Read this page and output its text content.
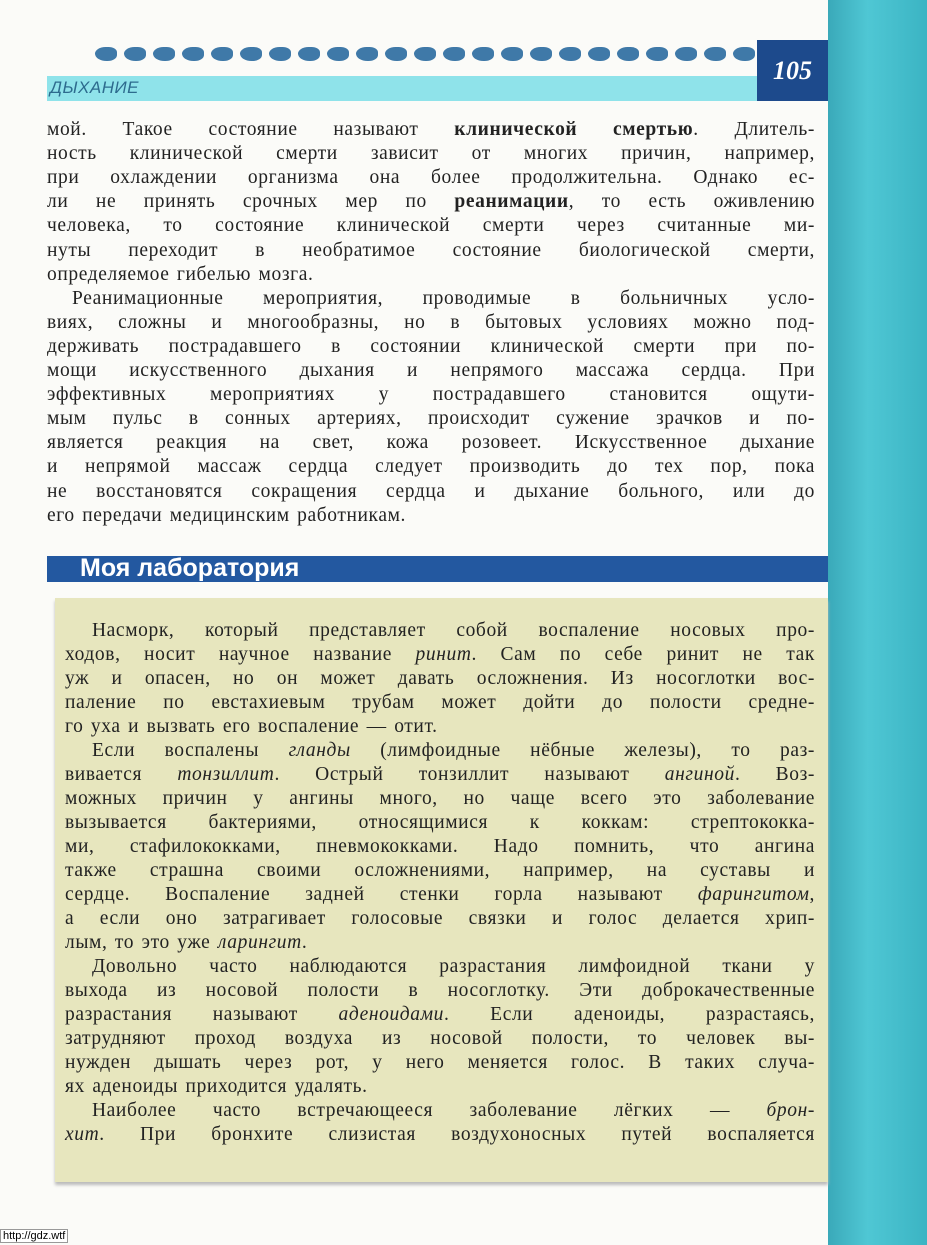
ДЫХАНИЕ
105
мой. Такое состояние называют клинической смертью. Длитель-
ность клинической смерти зависит от многих причин, например,
при охлаждении организма она более продолжительна. Однако ес-
ли не принять срочных мер по реанимации, то есть оживлению
человека, то состояние клинической смерти через считанные ми-
нуты переходит в необратимое состояние биологической смерти,
определяемое гибелью мозга.
Реанимационные мероприятия, проводимые в больничных усло-
виях, сложны и многообразны, но в бытовых условиях можно под-
держивать пострадавшего в состоянии клинической смерти при по-
мощи искусственного дыхания и непрямого массажа сердца. При
эффективных мероприятиях у пострадавшего становится ощути-
мым пульс в сонных артериях, происходит сужение зрачков и по-
является реакция на свет, кожа розовеет. Искусственное дыхание
и непрямой массаж сердца следует производить до тех пор, пока
не восстановятся сокращения сердца и дыхание больного, или до
его передачи медицинским работникам.
Моя лаборатория
Насморк, который представляет собой воспаление носовых про-
ходов, носит научное название ринит. Сам по себе ринит не так
уж и опасен, но он может давать осложнения. Из носоглотки вос-
паление по евстахиевым трубам может дойти до полости средне-
го уха и вызвать его воспаление — отит.
Если воспалены гланды (лимфоидные нёбные железы), то раз-
вивается тонзиллит. Острый тонзиллит называют ангиной. Воз-
можных причин у ангины много, но чаще всего это заболевание
вызывается бактериями, относящимися к коккам: стрептококка-
ми, стафилококками, пневмококками. Надо помнить, что ангина
также страшна своими осложнениями, например, на суставы и
сердце. Воспаление задней стенки горла называют фарингитом,
а если оно затрагивает голосовые связки и голос делается хрип-
лым, то это уже ларингит.
Довольно часто наблюдаются разрастания лимфоидной ткани у
выхода из носовой полости в носоглотку. Эти доброкачественные
разрастания называют аденоидами. Если аденоиды, разрастаясь,
затрудняют проход воздуха из носовой полости, то человек вы-
нужден дышать через рот, у него меняется голос. В таких случа-
ях аденоиды приходится удалять.
Наиболее часто встречающееся заболевание лёгких — брон-
хит. При бронхите слизистая воздухоносных путей воспаляется
http://gdz.wtf
